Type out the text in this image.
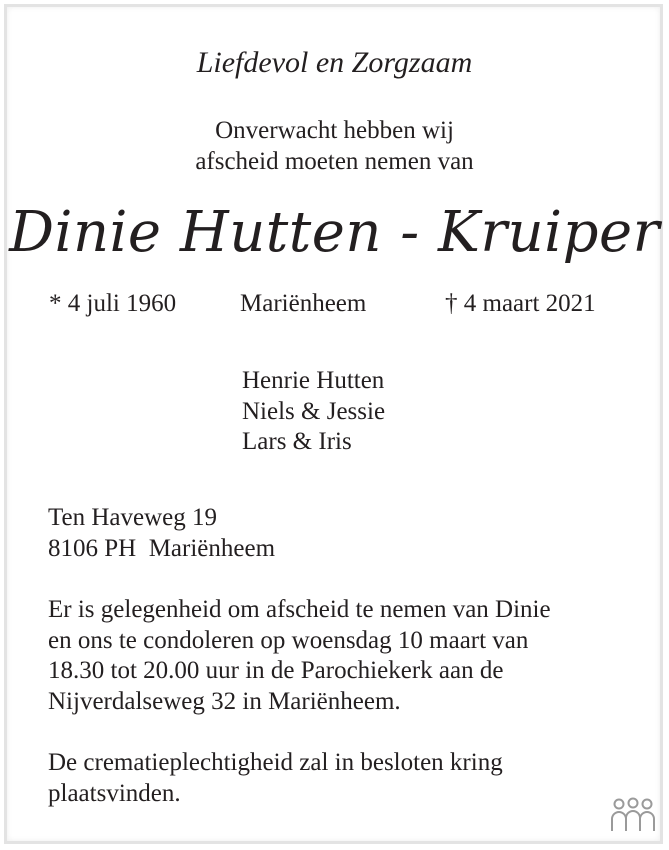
Liefdevol en Zorgzaam
Onverwacht hebben wij
afscheid moeten nemen van
Dinie Hutten - Kruiper
* 4 juli 1960	Mariënheem	† 4 maart 2021
Henrie Hutten
Niels & Jessie
Lars & Iris
Ten Haveweg 19
8106 PH  Mariënheem
Er is gelegenheid om afscheid te nemen van Dinie
en ons te condoleren op woensdag 10 maart van
18.30 tot 20.00 uur in de Parochiekerk aan de
Nijverdalseweg 32 in Mariënheem.
De crematieplechtigheid zal in besloten kring
plaatsvinden.
